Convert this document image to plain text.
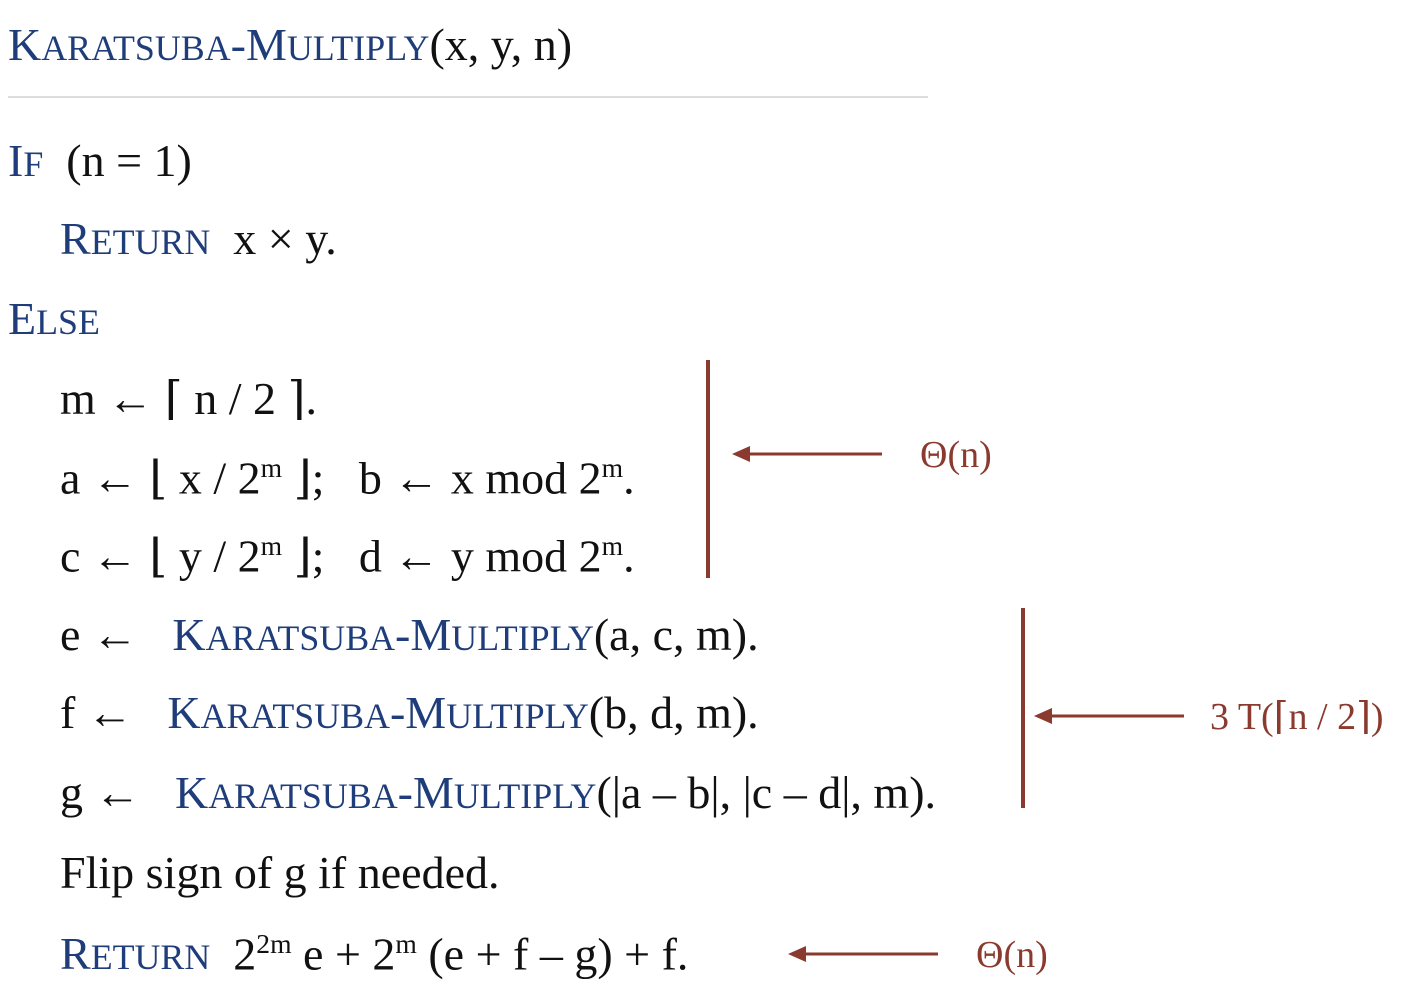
KARATSUBA-MULTIPLY(x, y, n)
IF (n = 1)
RETURN x × y.
ELSE
m ← ⌈ n / 2 ⌉.
a ← ⌊ x / 2$^m$ ⌋; b ← x mod 2$^m$.
c ← ⌊ y / 2$^m$ ⌋; d ← y mod 2$^m$.
e ← KARATSUBA-MULTIPLY(a, c, m).
f ← KARATSUBA-MULTIPLY(b, d, m).
g ← KARATSUBA-MULTIPLY(|a – b|, |c – d|, m).
Flip sign of g if needed.
RETURN $2^{2m}$ $e + 2^m$ (e + f – g) + f.
Θ(n)
3 T(⌈n / 2⌉)
Θ(n)
